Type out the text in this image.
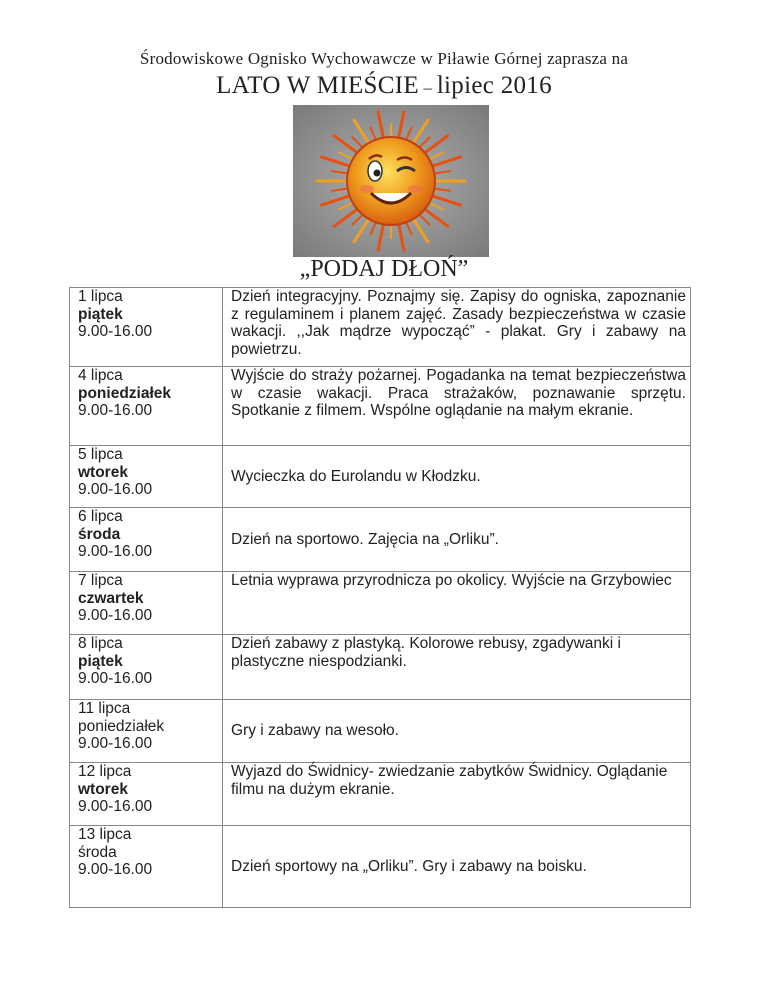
Środowiskowe Ognisko Wychowawcze w Piławie Górnej zaprasza na
LATO W MIEŚCIE – lipiec 2016
„PODAJ DŁOŃ”
1 lipca
piątek
9.00-16.00	Dzień integracyjny. Poznajmy się. Zapisy do ogniska, zapoznanie z regulaminem i planem zajęć. Zasady bezpieczeństwa w czasie wakacji. ,,Jak mądrze wypocząć” - plakat. Gry i zabawy na powietrzu.

4 lipca
poniedziałek
9.00-16.00	Wyjście do straży pożarnej. Pogadanka na temat bezpieczeństwa w czasie wakacji. Praca strażaków, poznawanie sprzętu. Spotkanie z filmem. Wspólne oglądanie na małym ekranie.

5 lipca
wtorek
9.00-16.00	Wycieczka do Eurolandu w Kłodzku.

6 lipca
środa
9.00-16.00	Dzień na sportowo. Zajęcia na „Orliku”.

7 lipca
czwartek
9.00-16.00	Letnia wyprawa przyrodnicza po okolicy. Wyjście na Grzybowiec

8 lipca
piątek
9.00-16.00	Dzień zabawy z plastyką. Kolorowe rebusy, zgadywanki i plastyczne niespodzianki.

11 lipca
poniedziałek
9.00-16.00	Gry i zabawy na wesoło.

12 lipca
wtorek
9.00-16.00	Wyjazd do Świdnicy- zwiedzanie zabytków Świdnicy. Oglądanie filmu na dużym ekranie.

13 lipca
środa
9.00-16.00	Dzień sportowy na „Orliku”. Gry i zabawy na boisku.
